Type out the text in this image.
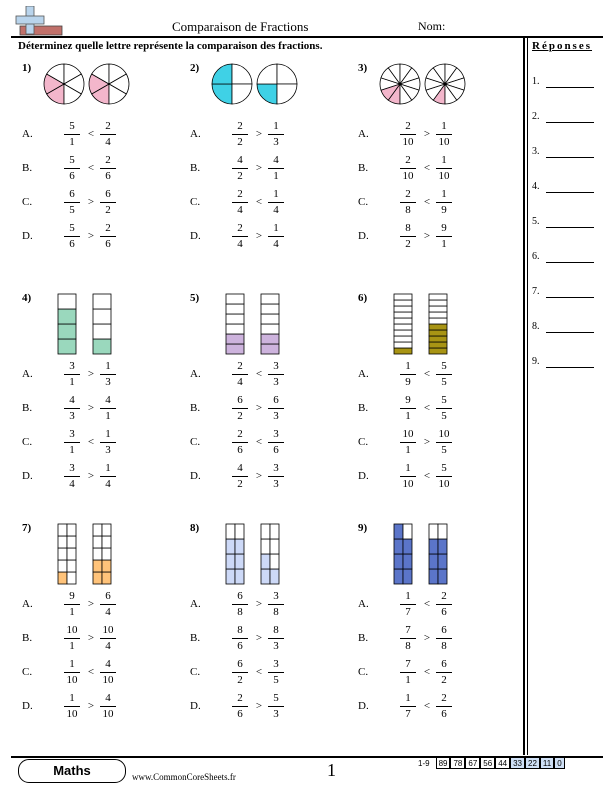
Comparaison de Fractions	Nom:
Déterminez quelle lettre représente la comparaison des fractions.	Réponses
1.
2.
3.
4.
5.
6.
7.
8.
9.
1)
A.	$\frac{5}{1} < \frac{2}{4}$
B.	$\frac{5}{6} < \frac{2}{6}$
C.	$\frac{6}{5} > \frac{6}{2}$
D.	$\frac{5}{6} > \frac{2}{6}$
2)
A.	$\frac{2}{2} > \frac{1}{3}$
B.	$\frac{4}{2} > \frac{4}{1}$
C.	$\frac{2}{4} < \frac{1}{4}$
D.	$\frac{2}{4} > \frac{1}{4}$
3)
A.	$\frac{2}{10} > \frac{1}{10}$
B.	$\frac{2}{10} < \frac{1}{10}$
C.	$\frac{2}{8} < \frac{1}{9}$
D.	$\frac{8}{2} > \frac{9}{1}$
4)
A.	$\frac{3}{1} > \frac{1}{3}$
B.	$\frac{4}{3} > \frac{4}{1}$
C.	$\frac{3}{1} < \frac{1}{3}$
D.	$\frac{3}{4} > \frac{1}{4}$
5)
A.	$\frac{2}{4} < \frac{3}{3}$
B.	$\frac{6}{2} > \frac{6}{3}$
C.	$\frac{2}{6} < \frac{3}{6}$
D.	$\frac{4}{2} > \frac{3}{3}$
6)
A.	$\frac{1}{9} < \frac{5}{5}$
B.	$\frac{9}{1} < \frac{5}{5}$
C.	$\frac{10}{1} > \frac{10}{5}$
D.	$\frac{1}{10} < \frac{5}{10}$
7)
A.	$\frac{9}{1} > \frac{6}{4}$
B.	$\frac{10}{1} > \frac{10}{4}$
C.	$\frac{1}{10} < \frac{4}{10}$
D.	$\frac{1}{10} > \frac{4}{10}$
8)
A.	$\frac{6}{8} > \frac{3}{8}$
B.	$\frac{8}{6} > \frac{8}{3}$
C.	$\frac{6}{2} < \frac{3}{5}$
D.	$\frac{2}{6} > \frac{5}{3}$
9)
A.	$\frac{1}{7} < \frac{2}{6}$
B.	$\frac{7}{8} > \frac{6}{8}$
C.	$\frac{7}{1} < \frac{6}{2}$
D.	$\frac{1}{7} < \frac{2}{6}$
Maths	www.CommonCoreSheets.fr	1	1-9	89	78	67	56	44	33	22	11	0
